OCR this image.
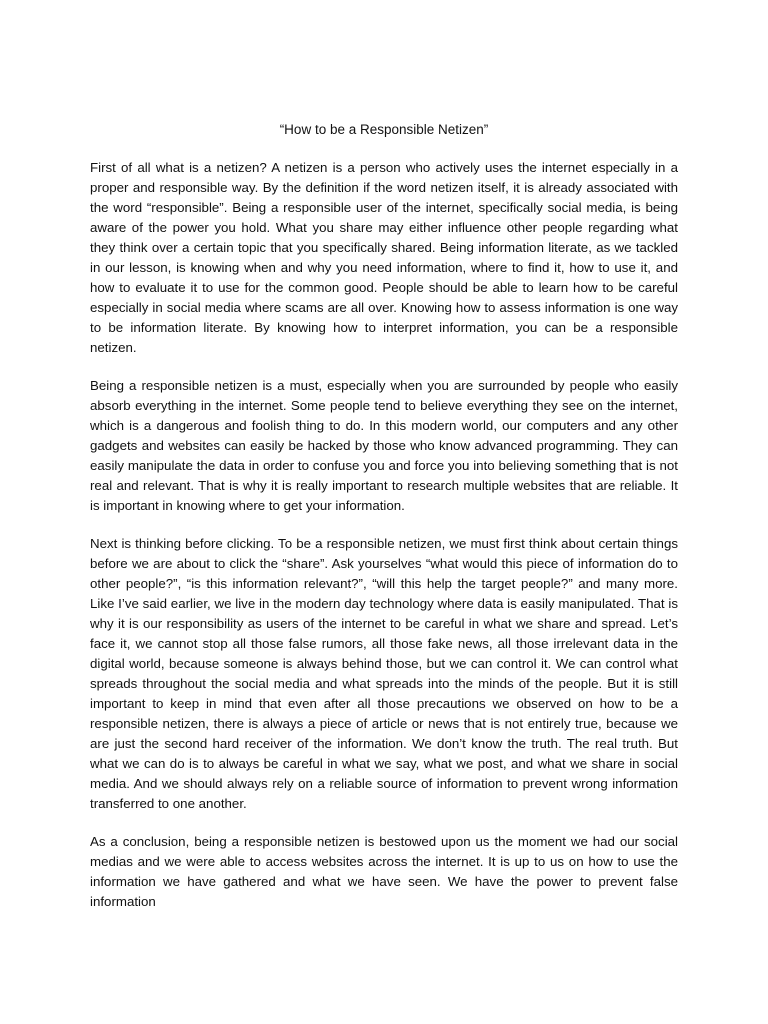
“How to be a Responsible Netizen”

First of all what is a netizen? A netizen is a person who actively uses the internet especially in a proper and responsible way. By the definition if the word netizen itself, it is already associated with the word “responsible”. Being a responsible user of the internet, specifically social media, is being aware of the power you hold. What you share may either influence other people regarding what they think over a certain topic that you specifically shared. Being information literate, as we tackled in our lesson, is knowing when and why you need information, where to find it, how to use it, and how to evaluate it to use for the common good. People should be able to learn how to be careful especially in social media where scams are all over. Knowing how to assess information is one way to be information literate. By knowing how to interpret information, you can be a responsible netizen.

Being a responsible netizen is a must, especially when you are surrounded by people who easily absorb everything in the internet. Some people tend to believe everything they see on the internet, which is a dangerous and foolish thing to do. In this modern world, our computers and any other gadgets and websites can easily be hacked by those who know advanced programming. They can easily manipulate the data in order to confuse you and force you into believing something that is not real and relevant. That is why it is really important to research multiple websites that are reliable. It is important in knowing where to get your information.

Next is thinking before clicking. To be a responsible netizen, we must first think about certain things before we are about to click the “share”. Ask yourselves “what would this piece of information do to other people?”, “is this information relevant?”, “will this help the target people?” and many more. Like I’ve said earlier, we live in the modern day technology where data is easily manipulated. That is why it is our responsibility as users of the internet to be careful in what we share and spread. Let’s face it, we cannot stop all those false rumors, all those fake news, all those irrelevant data in the digital world, because someone is always behind those, but we can control it. We can control what spreads throughout the social media and what spreads into the minds of the people. But it is still important to keep in mind that even after all those precautions we observed on how to be a responsible netizen, there is always a piece of article or news that is not entirely true, because we are just the second hard receiver of the information. We don’t know the truth. The real truth. But what we can do is to always be careful in what we say, what we post, and what we share in social media. And we should always rely on a reliable source of information to prevent wrong information transferred to one another.

As a conclusion, being a responsible netizen is bestowed upon us the moment we had our social medias and we were able to access websites across the internet. It is up to us on how to use the information we have gathered and what we have seen. We have the power to prevent false information
